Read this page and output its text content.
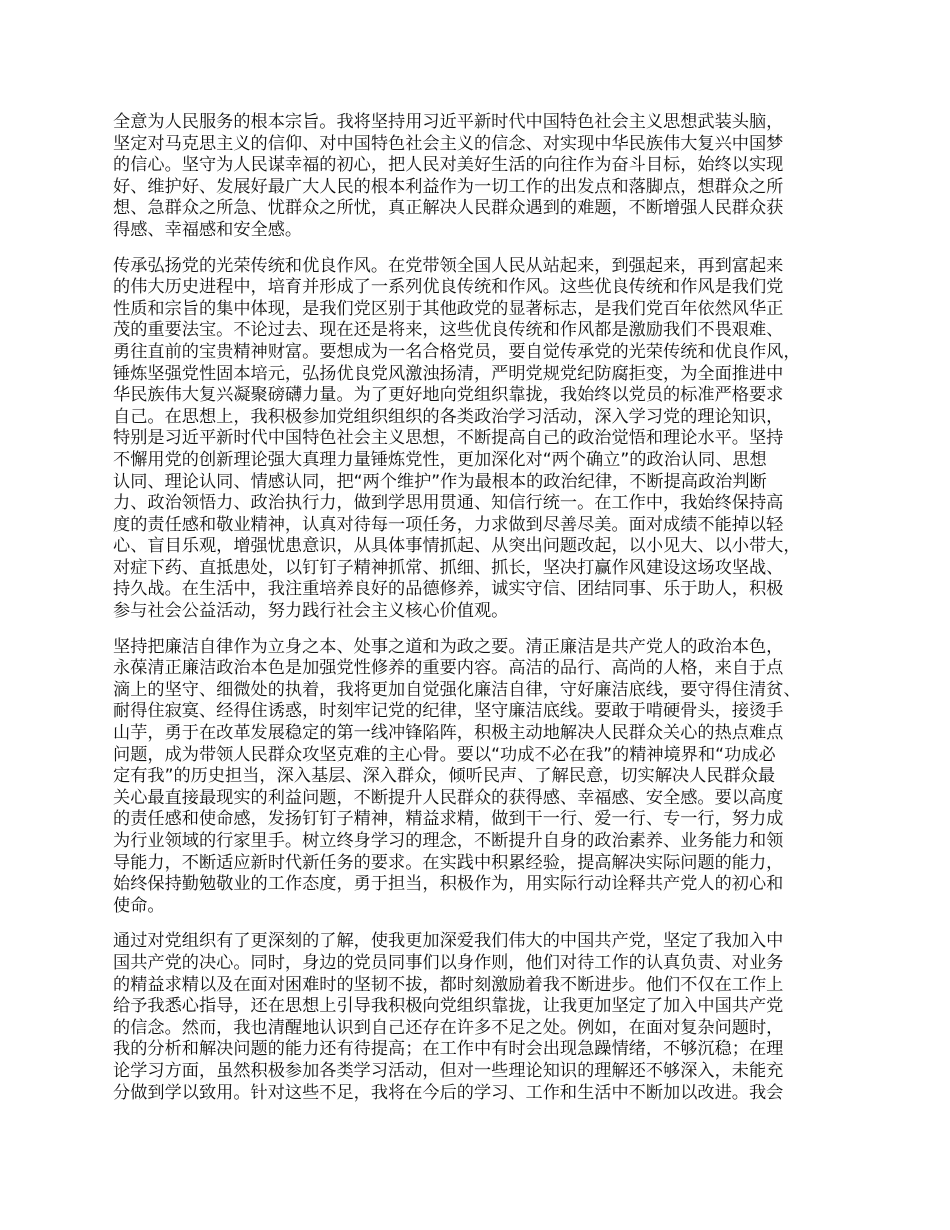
全意为人民服务的根本宗旨。我将坚持用习近平新时代中国特色社会主义思想武装头脑，
坚定对马克思主义的信仰、对中国特色社会主义的信念、对实现中华民族伟大复兴中国梦
的信心。坚守为人民谋幸福的初心，把人民对美好生活的向往作为奋斗目标，始终以实现
好、维护好、发展好最广大人民的根本利益作为一切工作的出发点和落脚点，想群众之所
想、急群众之所急、忧群众之所忧，真正解决人民群众遇到的难题，不断增强人民群众获
得感、幸福感和安全感。

传承弘扬党的光荣传统和优良作风。在党带领全国人民从站起来，到强起来，再到富起来
的伟大历史进程中，培育并形成了一系列优良传统和作风。这些优良传统和作风是我们党
性质和宗旨的集中体现，是我们党区别于其他政党的显著标志，是我们党百年依然风华正
茂的重要法宝。不论过去、现在还是将来，这些优良传统和作风都是激励我们不畏艰难、
勇往直前的宝贵精神财富。要想成为一名合格党员，要自觉传承党的光荣传统和优良作风，
锤炼坚强党性固本培元，弘扬优良党风激浊扬清，严明党规党纪防腐拒变，为全面推进中
华民族伟大复兴凝聚磅礴力量。为了更好地向党组织靠拢，我始终以党员的标准严格要求
自己。在思想上，我积极参加党组织组织的各类政治学习活动，深入学习党的理论知识，
特别是习近平新时代中国特色社会主义思想，不断提高自己的政治觉悟和理论水平。坚持
不懈用党的创新理论强大真理力量锤炼党性，更加深化对“两个确立”的政治认同、思想
认同、理论认同、情感认同，把“两个维护”作为最根本的政治纪律，不断提高政治判断
力、政治领悟力、政治执行力，做到学思用贯通、知信行统一。在工作中，我始终保持高
度的责任感和敬业精神，认真对待每一项任务，力求做到尽善尽美。面对成绩不能掉以轻
心、盲目乐观，增强忧患意识，从具体事情抓起、从突出问题改起，以小见大、以小带大，
对症下药、直抵患处，以钉钉子精神抓常、抓细、抓长，坚决打赢作风建设这场攻坚战、
持久战。在生活中，我注重培养良好的品德修养，诚实守信、团结同事、乐于助人，积极
参与社会公益活动，努力践行社会主义核心价值观。

坚持把廉洁自律作为立身之本、处事之道和为政之要。清正廉洁是共产党人的政治本色，
永葆清正廉洁政治本色是加强党性修养的重要内容。高洁的品行、高尚的人格，来自于点
滴上的坚守、细微处的执着，我将更加自觉强化廉洁自律，守好廉洁底线，要守得住清贫、
耐得住寂寞、经得住诱惑，时刻牢记党的纪律，坚守廉洁底线。要敢于啃硬骨头，接烫手
山芋，勇于在改革发展稳定的第一线冲锋陷阵，积极主动地解决人民群众关心的热点难点
问题，成为带领人民群众攻坚克难的主心骨。要以“功成不必在我”的精神境界和“功成必
定有我”的历史担当，深入基层、深入群众，倾听民声、了解民意，切实解决人民群众最
关心最直接最现实的利益问题，不断提升人民群众的获得感、幸福感、安全感。要以高度
的责任感和使命感，发扬钉钉子精神，精益求精，做到干一行、爱一行、专一行，努力成
为行业领域的行家里手。树立终身学习的理念，不断提升自身的政治素养、业务能力和领
导能力，不断适应新时代新任务的要求。在实践中积累经验，提高解决实际问题的能力，
始终保持勤勉敬业的工作态度，勇于担当，积极作为，用实际行动诠释共产党人的初心和
使命。

通过对党组织有了更深刻的了解，使我更加深爱我们伟大的中国共产党，坚定了我加入中
国共产党的决心。同时，身边的党员同事们以身作则，他们对待工作的认真负责、对业务
的精益求精以及在面对困难时的坚韧不拔，都时刻激励着我不断进步。他们不仅在工作上
给予我悉心指导，还在思想上引导我积极向党组织靠拢，让我更加坚定了加入中国共产党
的信念。然而，我也清醒地认识到自己还存在许多不足之处。例如，在面对复杂问题时，
我的分析和解决问题的能力还有待提高；在工作中有时会出现急躁情绪，不够沉稳；在理
论学习方面，虽然积极参加各类学习活动，但对一些理论知识的理解还不够深入，未能充
分做到学以致用。针对这些不足，我将在今后的学习、工作和生活中不断加以改进。我会
